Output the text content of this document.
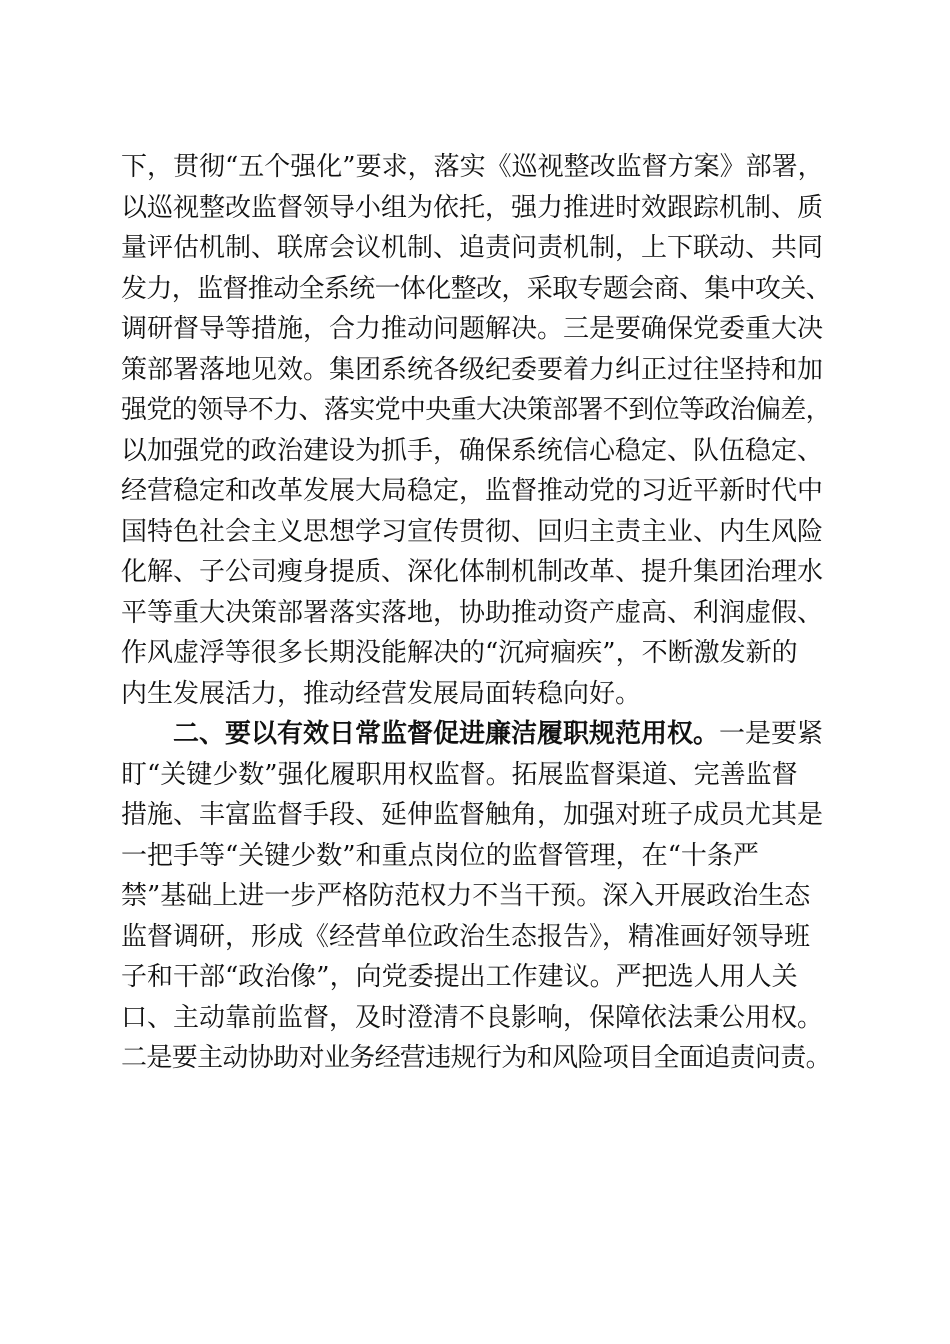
下，贯彻“五个强化”要求，落实《巡视整改监督方案》部署，
以巡视整改监督领导小组为依托，强力推进时效跟踪机制、质
量评估机制、联席会议机制、追责问责机制，上下联动、共同
发力，监督推动全系统一体化整改，采取专题会商、集中攻关、
调研督导等措施，合力推动问题解决。三是要确保党委重大决
策部署落地见效。集团系统各级纪委要着力纠正过往坚持和加
强党的领导不力、落实党中央重大决策部署不到位等政治偏差，
以加强党的政治建设为抓手，确保系统信心稳定、队伍稳定、
经营稳定和改革发展大局稳定，监督推动党的习近平新时代中
国特色社会主义思想学习宣传贯彻、回归主责主业、内生风险
化解、子公司瘦身提质、深化体制机制改革、提升集团治理水
平等重大决策部署落实落地，协助推动资产虚高、利润虚假、
作风虚浮等很多长期没能解决的“沉疴痼疾”，不断激发新的
内生发展活力，推动经营发展局面转稳向好。
二、要以有效日常监督促进廉洁履职规范用权。一是要紧
盯“关键少数”强化履职用权监督。拓展监督渠道、完善监督
措施、丰富监督手段、延伸监督触角，加强对班子成员尤其是
一把手等“关键少数”和重点岗位的监督管理，在“十条严
禁”基础上进一步严格防范权力不当干预。深入开展政治生态
监督调研，形成《经营单位政治生态报告》，精准画好领导班
子和干部“政治像”，向党委提出工作建议。严把选人用人关
口、主动靠前监督，及时澄清不良影响，保障依法秉公用权。
二是要主动协助对业务经营违规行为和风险项目全面追责问责。
